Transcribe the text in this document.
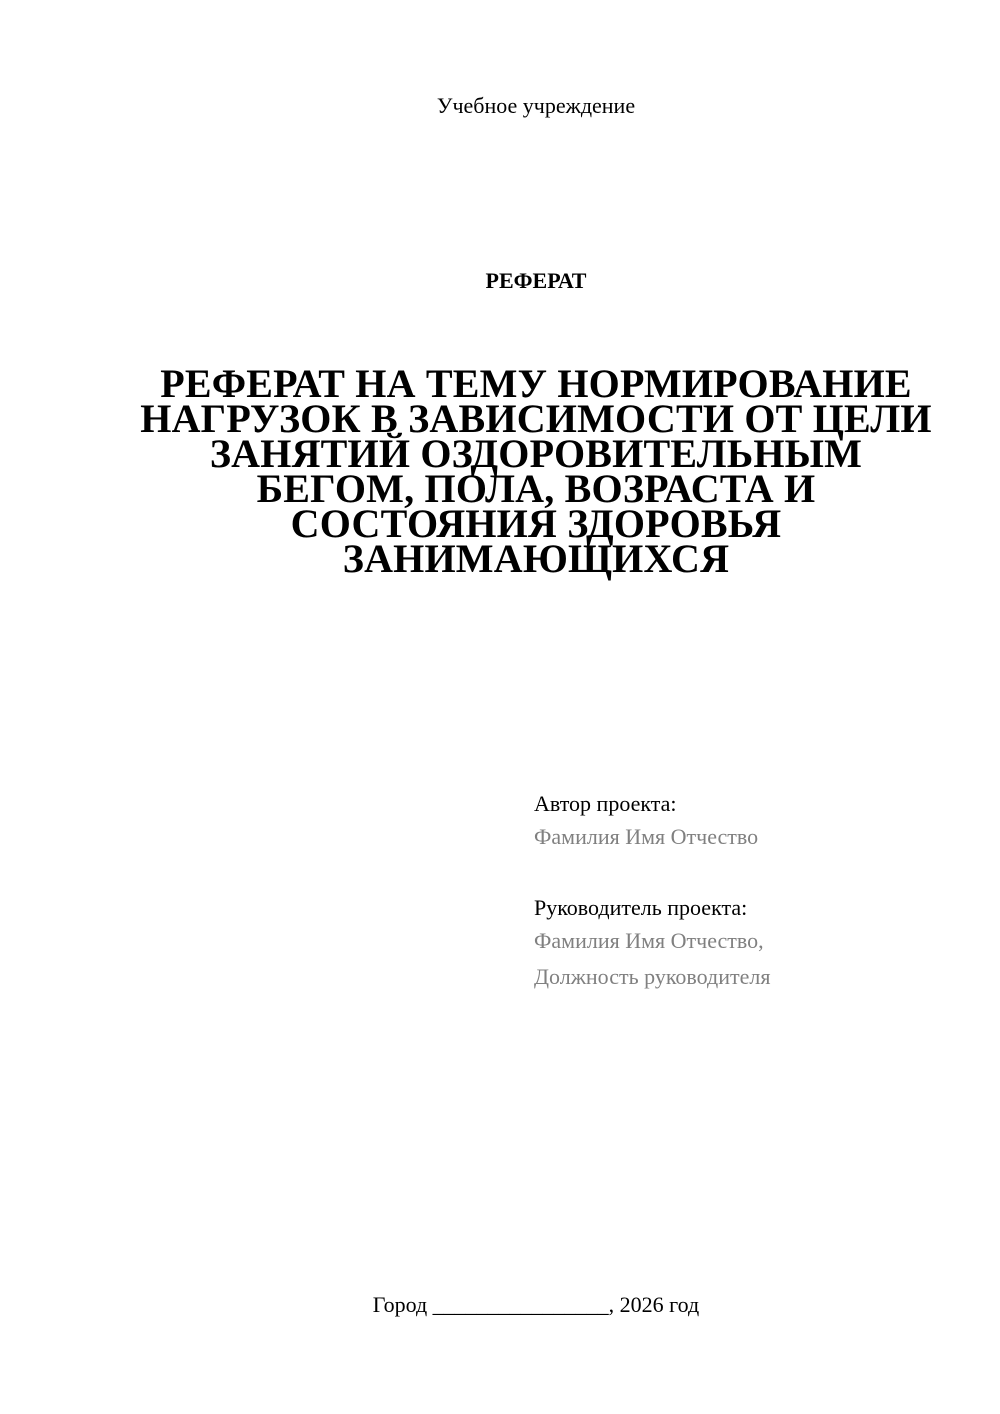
Учебное учреждение
РЕФЕРАТ
РЕФЕРАТ НА ТЕМУ НОРМИРОВАНИЕ
НАГРУЗОК В ЗАВИСИМОСТИ ОТ ЦЕЛИ
ЗАНЯТИЙ ОЗДОРОВИТЕЛЬНЫМ
БЕГОМ, ПОЛА, ВОЗРАСТА И
СОСТОЯНИЯ ЗДОРОВЬЯ
ЗАНИМАЮЩИХСЯ
Автор проекта:
Фамилия Имя Отчество
Руководитель проекта:
Фамилия Имя Отчество,
Должность руководителя
Город ________________, 2026 год
